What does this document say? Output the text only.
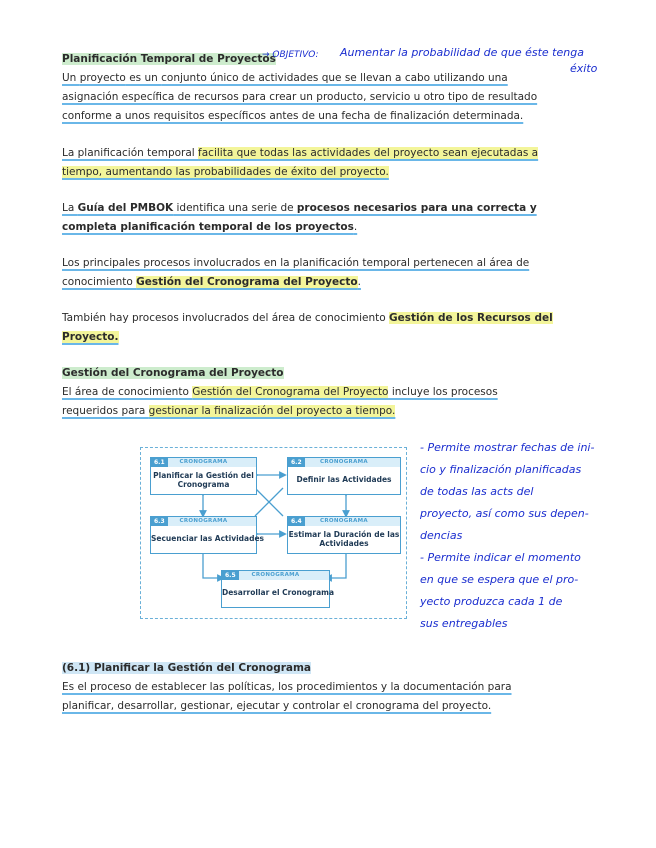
Planificación Temporal de Proyectos
→ OBJETIVO: Aumentar la probabilidad de que éste tenga
éxito
Un proyecto es un conjunto único de actividades que se llevan a cabo utilizando una
asignación específica de recursos para crear un producto, servicio u otro tipo de resultado
conforme a unos requisitos específicos antes de una fecha de finalización determinada.
La planificación temporal facilita que todas las actividades del proyecto sean ejecutadas a
tiempo, aumentando las probabilidades de éxito del proyecto.
La Guía del PMBOK identifica una serie de procesos necesarios para una correcta y
completa planificación temporal de los proyectos.
Los principales procesos involucrados en la planificación temporal pertenecen al área de
conocimiento Gestión del Cronograma del Proyecto.
También hay procesos involucrados del área de conocimiento Gestión de los Recursos del
Proyecto.
Gestión del Cronograma del Proyecto
El área de conocimiento Gestión del Cronograma del Proyecto incluye los procesos
requeridos para gestionar la finalización del proyecto a tiempo.
CRONOGRAMA
6.1
Planificar la Gestión del
Cronograma
CRONOGRAMA
6.2
Definir las Actividades
CRONOGRAMA
6.3
Secuenciar las Actividades
CRONOGRAMA
6.4
Estimar la Duración de las
Actividades
CRONOGRAMA
6.5
Desarrollar el Cronograma
- Permite mostrar fechas de ini-
cio y finalización planificadas
de todas las acts del
proyecto, así como sus depen-
dencias
- Permite indicar el momento
en que se espera que el pro-
yecto produzca cada 1 de
sus entregables
(6.1) Planificar la Gestión del Cronograma
Es el proceso de establecer las políticas, los procedimientos y la documentación para
planificar, desarrollar, gestionar, ejecutar y controlar el cronograma del proyecto.
